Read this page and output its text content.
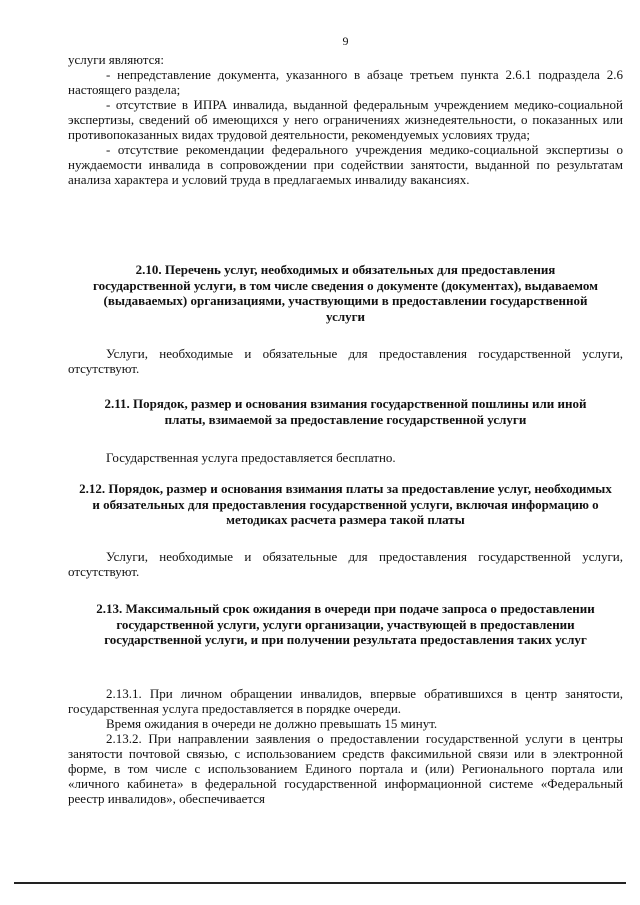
9

услуги являются:

- непредставление документа, указанного в абзаце третьем пункта 2.6.1 подраздела 2.6 настоящего раздела;

- отсутствие в ИПРА инвалида, выданной федеральным учреждением медико-социальной экспертизы, сведений об имеющихся у него ограничениях жизнедеятельности, о показанных или противопоказанных видах трудовой деятельности, рекомендуемых условиях труда;

- отсутствие рекомендации федерального учреждения медико-социальной экспертизы о нуждаемости инвалида в сопровождении при содействии занятости, выданной по результатам анализа характера и условий труда в предлагаемых инвалиду вакансиях.

2.10. Перечень услуг, необходимых и обязательных для предоставления государственной услуги, в том числе сведения о документе (документах), выдаваемом (выдаваемых) организациями, участвующими в предоставлении государственной услуги

Услуги, необходимые и обязательные для предоставления государственной услуги, отсутствуют.

2.11. Порядок, размер и основания взимания государственной пошлины или иной платы, взимаемой за предоставление государственной услуги

Государственная услуга предоставляется бесплатно.

2.12. Порядок, размер и основания взимания платы за предоставление услуг, необходимых и обязательных для предоставления государственной услуги, включая информацию о методиках расчета размера такой платы

Услуги, необходимые и обязательные для предоставления государственной услуги, отсутствуют.

2.13. Максимальный срок ожидания в очереди при подаче запроса о предоставлении государственной услуги, услуги организации, участвующей в предоставлении государственной услуги, и при получении результата предоставления таких услуг

2.13.1. При личном обращении инвалидов, впервые обратившихся в центр занятости, государственная услуга предоставляется в порядке очереди.

Время ожидания в очереди не должно превышать 15 минут.

2.13.2. При направлении заявления о предоставлении государственной услуги в центры занятости почтовой связью, с использованием средств факсимильной связи или в электронной форме, в том числе с использованием Единого портала и (или) Регионального портала или «личного кабинета» в федеральной государственной информационной системе «Федеральный реестр инвалидов», обеспечивается
